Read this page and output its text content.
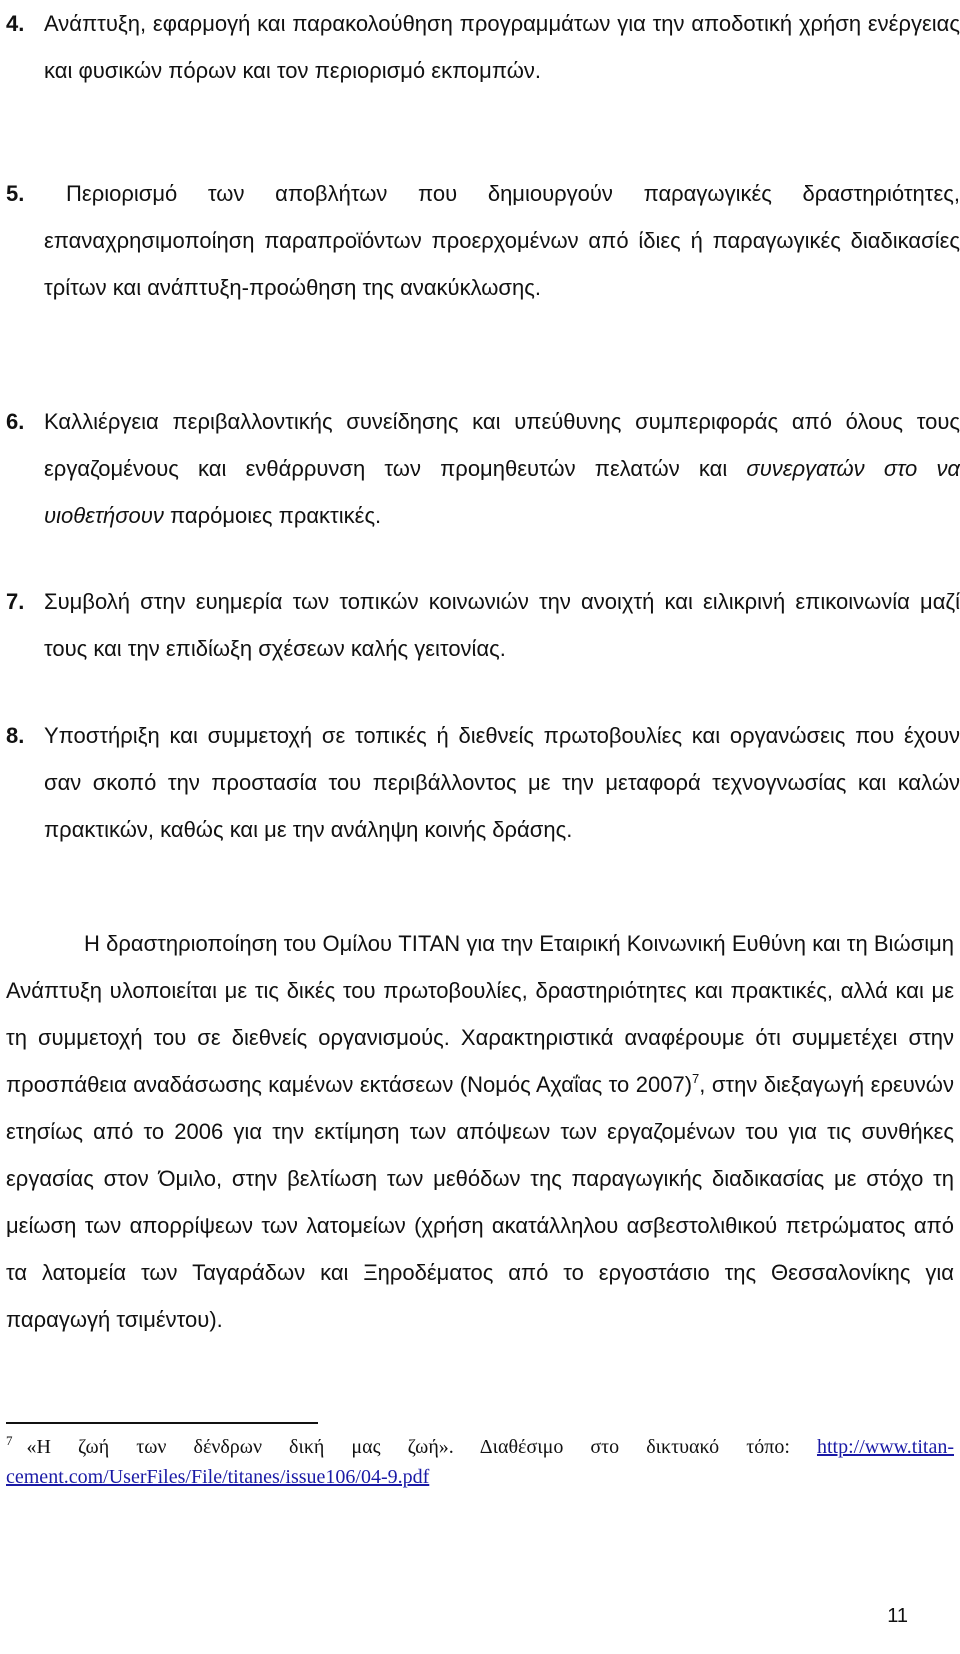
4. Ανάπτυξη, εφαρμογή και παρακολούθηση προγραμμάτων για την αποδοτική χρήση ενέργειας και φυσικών πόρων και τον περιορισμό εκπομπών.
5.	Περιορισμό των αποβλήτων που δημιουργούν παραγωγικές δραστηριότητες, επαναχρησιμοποίηση παραπροϊόντων προερχομένων από ίδιες ή παραγωγικές διαδικασίες τρίτων και ανάπτυξη-προώθηση της ανακύκλωσης.
6. Καλλιέργεια περιβαλλοντικής συνείδησης και υπεύθυνης συμπεριφοράς από όλους τους εργαζομένους και ενθάρρυνση των προμηθευτών πελατών και συνεργατών στο να υιοθετήσουν παρόμοιες πρακτικές.
7. Συμβολή στην ευημερία των τοπικών κοινωνιών την ανοιχτή και ειλικρινή επικοινωνία μαζί τους και την επιδίωξη σχέσεων καλής γειτονίας.
8. Υποστήριξη και συμμετοχή σε τοπικές ή διεθνείς πρωτοβουλίες και οργανώσεις που έχουν σαν σκοπό την προστασία του περιβάλλοντος με την μεταφορά τεχνογνωσίας και καλών πρακτικών, καθώς και με την ανάληψη κοινής δράσης.

Η δραστηριοποίηση του Ομίλου TITAN για την Εταιρική Κοινωνική Ευθύνη και τη Βιώσιμη Ανάπτυξη υλοποιείται με τις δικές του πρωτοβουλίες, δραστηριότητες και πρακτικές, αλλά και με τη συμμετοχή του σε διεθνείς οργανισμούς. Χαρακτηριστικά αναφέρουμε ότι συμμετέχει στην προσπάθεια αναδάσωσης καμένων εκτάσεων (Νομός Αχαΐας το 2007)$^7$, στην διεξαγωγή ερευνών ετησίως από το 2006 για την εκτίμηση των απόψεων των εργαζομένων του για τις συνθήκες εργασίας στον Όμιλο, στην βελτίωση των μεθόδων της παραγωγικής διαδικασίας με στόχο τη μείωση των απορρίψεων των λατομείων (χρήση ακατάλληλου ασβεστολιθικού πετρώματος από τα λατομεία των Ταγαράδων και Ξηροδέματος από το εργοστάσιο της Θεσσαλονίκης για παραγωγή τσιμέντου).

$^7$ «Η ζωή των δένδρων δική μας ζωή». Διαθέσιμο στο δικτυακό τόπο: http://www.titan-cement.com/UserFiles/File/titanes/issue106/04-9.pdf
11
